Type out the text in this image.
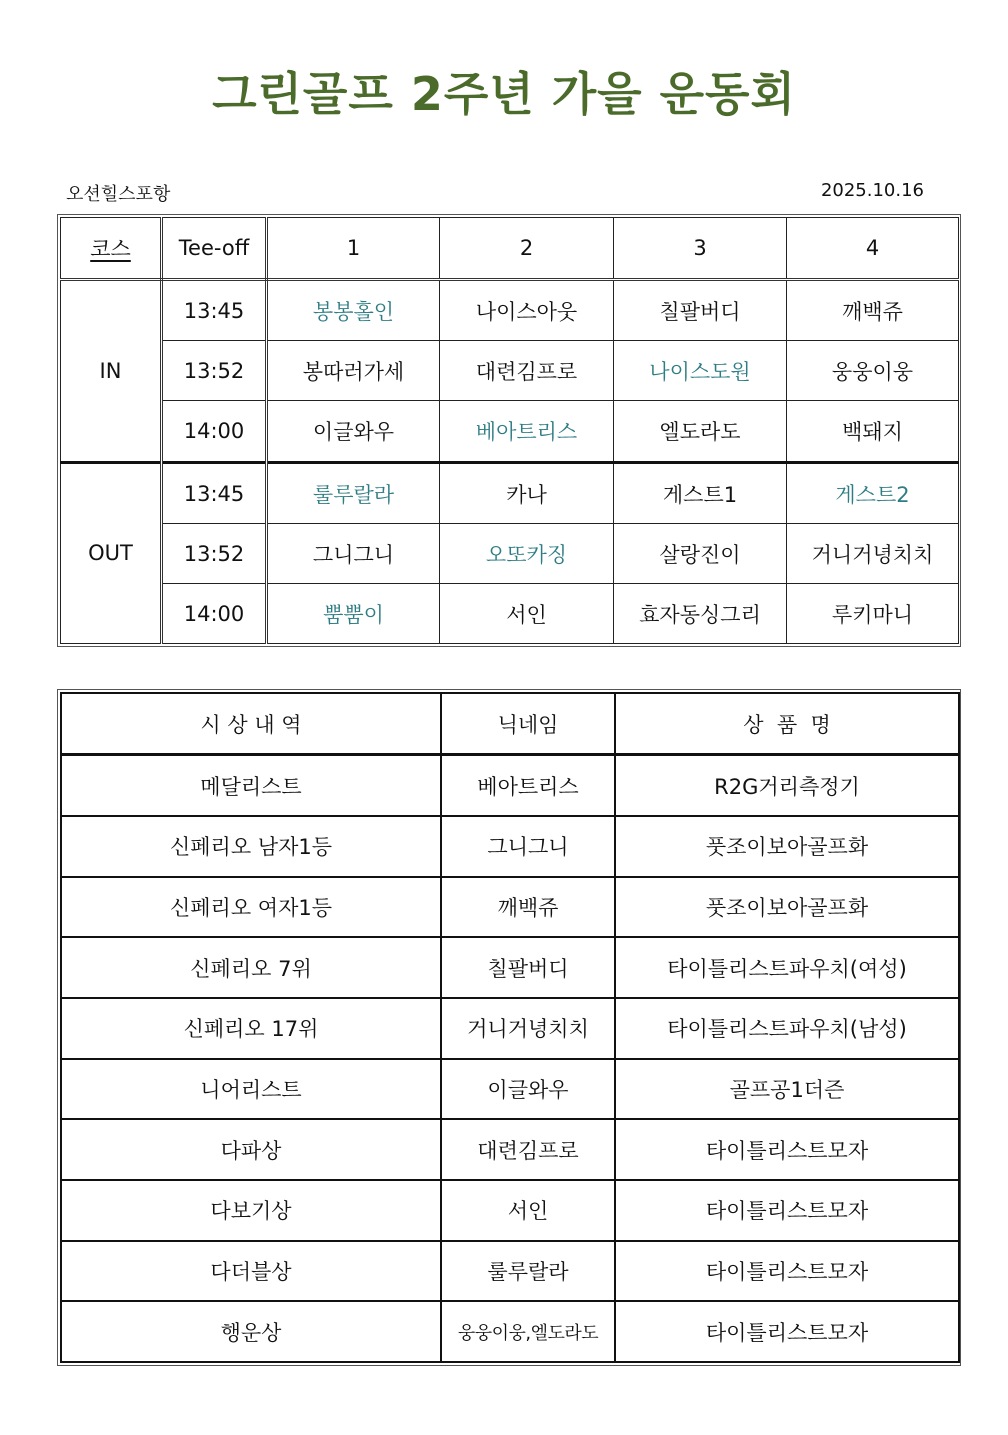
그린골프 2주년 가을 운동회
오션힐스포항	2025.10.16
코스	Tee-off	1	2	3	4
IN	13:45	봉봉홀인	나이스아웃	칠팔버디	깨백쥬
	13:52	봉따러가세	대련김프로	나이스도원	웅웅이웅
	14:00	이글와우	베아트리스	엘도라도	백돼지
OUT	13:45	룰루랄라	카나	게스트1	게스트2
	13:52	그니그니	오또카징	살랑진이	거니거녕치치
	14:00	뿜뿜이	서인	효자동싱그리	루키마니
시 상 내 역	닉네임	상  품  명
메달리스트	베아트리스	R2G거리측정기
신페리오 남자1등	그니그니	풋조이보아골프화
신페리오 여자1등	깨백쥬	풋조이보아골프화
신페리오 7위	칠팔버디	타이틀리스트파우치(여성)
신페리오 17위	거니거녕치치	타이틀리스트파우치(남성)
니어리스트	이글와우	골프공1더즌
다파상	대련김프로	타이틀리스트모자
다보기상	서인	타이틀리스트모자
다더블상	룰루랄라	타이틀리스트모자
행운상	웅웅이웅,엘도라도	타이틀리스트모자
